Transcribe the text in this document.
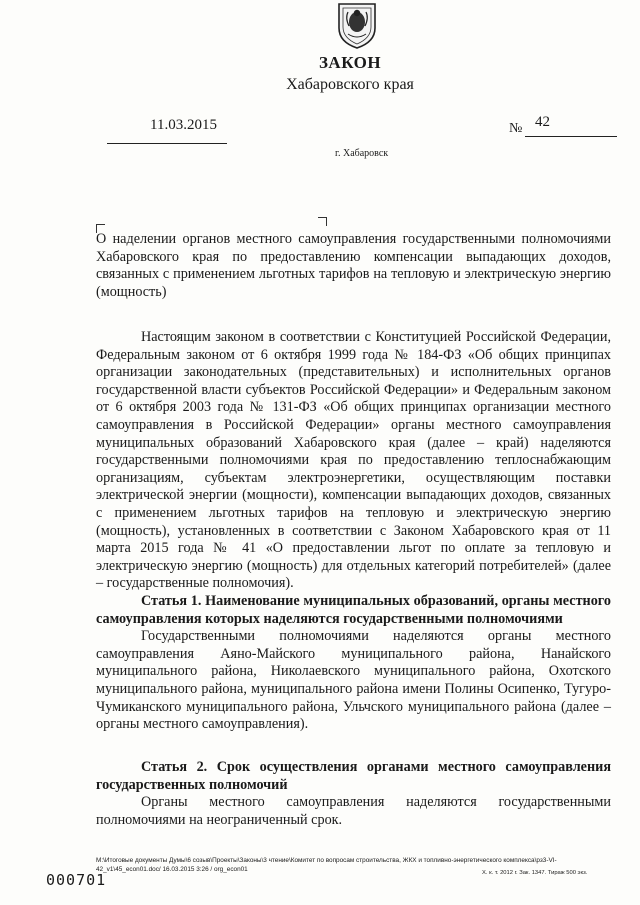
ЗАКОН
Хабаровского края
11.03.2015	№ 42
г. Хабаровск
О наделении органов местного самоуправления государственными полномочиями Хабаровского края по предоставлению компенсации выпадающих доходов, связанных с применением льготных тарифов на тепловую и электрическую энергию (мощность)
Настоящим законом в соответствии с Конституцией Российской Федерации, Федеральным законом от 6 октября 1999 года № 184-ФЗ «Об общих принципах организации законодательных (представительных) и исполнительных органов государственной власти субъектов Российской Федерации» и Федеральным законом от 6 октября 2003 года № 131-ФЗ «Об общих принципах организации местного самоуправления в Российской Федерации» органы местного самоуправления муниципальных образований Хабаровского края (далее – край) наделяются государственными полномочиями края по предоставлению теплоснабжающим организациям, субъектам электроэнергетики, осуществляющим поставки электрической энергии (мощности), компенсации выпадающих доходов, связанных с применением льготных тарифов на тепловую и электрическую энергию (мощность), установленных в соответствии с Законом Хабаровского края от 11 марта 2015 года № 41 «О предоставлении льгот по оплате за тепловую и электрическую энергию (мощность) для отдельных категорий потребителей» (далее – государственные полномочия).
Статья 1. Наименование муниципальных образований, органы местного самоуправления которых наделяются государственными полномочиями
Государственными полномочиями наделяются органы местного самоуправления Аяно-Майского муниципального района, Нанайского муниципального района, Николаевского муниципального района, Охотского муниципального района, муниципального района имени Полины Осипенко, Тугуро-Чумиканского муниципального района, Ульчского муниципального района (далее – органы местного самоуправления).
Статья 2. Срок осуществления органами местного самоуправления государственных полномочий
Органы местного самоуправления наделяются государственными полномочиями на неограниченный срок.
М:\Итоговые документы Думы\6 созыв\Проекты\Законы\3 чтение\Комитет по вопросам строительства, ЖКХ и топливно-энергетического комплекса\рз3-VI-42_v1\45_econ01.doc/ 16.03.2015 3:26 / org_econ01
000701	Х. к. т. 2012 г. Зак. 1347. Тираж 500 экз.
